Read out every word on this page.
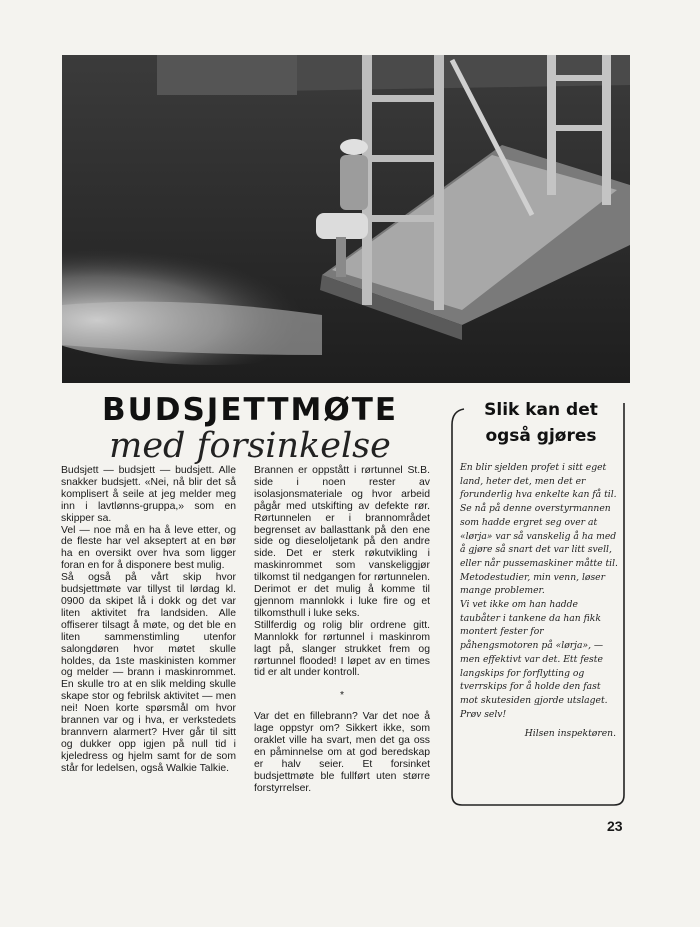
BUDSJETTMØTE
med forsinkelse

Budsjett — budsjett — budsjett. Alle snakker budsjett. «Nei, nå blir det så komplisert å seile at jeg melder meg inn i lavtlønns-gruppa,» som en skipper sa.

Vel — noe må en ha å leve etter, og de fleste har vel akseptert at en bør ha en oversikt over hva som ligger foran en for å disponere best mulig.

Så også på vårt skip hvor budsjettmøte var tillyst til lørdag kl. 0900 da skipet lå i dokk og det var liten aktivitet fra landsiden. Alle offiserer tilsagt å møte, og det ble en liten sammenstimling utenfor salongdøren hvor møtet skulle holdes, da 1ste maskinisten kommer og melder — brann i maskinrommet. En skulle tro at en slik melding skulle skape stor og febrilsk aktivitet — men nei! Noen korte spørsmål om hvor brannen var og i hva, er verkstedets brannvern alarmert? Hver går til sitt og dukker opp igjen på null tid i kjeledress og hjelm samt for de som står for ledelsen, også Walkie Talkie.

Brannen er oppstått i rørtunnel St.B. side i noen rester av isolasjonsmateriale og hvor arbeid pågår med utskifting av defekte rør. Rørtunnelen er i brannområdet begrenset av ballasttank på den ene side og dieseloljetank på den andre side. Det er sterk røkutvikling i maskinrommet som vanskeliggjør tilkomst til nedgangen for rørtunnelen. Derimot er det mulig å komme til gjennom mannlokk i luke fire og et tilkomsthull i luke seks.

Stillferdig og rolig blir ordrene gitt. Mannlokk for rørtunnel i maskinrom lagt på, slanger strukket frem og rørtunnel flooded! I løpet av en times tid er alt under kontroll.

*

Var det en fillebrann? Var det noe å lage oppstyr om? Sikkert ikke, som oraklet ville ha svart, men det ga oss en påminnelse om at god beredskap er halv seier. Et forsinket budsjettmøte ble fullført uten større forstyrrelser.

Slik kan det
også gjøres

En blir sjelden profet i sitt eget land, heter det, men det er forunderlig hva enkelte kan få til.

Se nå på denne overstyrmannen som hadde ergret seg over at «lørja» var så vanskelig å ha med å gjøre så snart det var litt svell, eller når pussemaskiner måtte til. Metodestudier, min venn, løser mange problemer.

Vi vet ikke om han hadde taubåter i tankene da han fikk montert fester for påhengsmotoren på «lørja», — men effektivt var det. Ett feste langskips for forflytting og tverrskips for å holde den fast mot skutesiden gjorde utslaget.

Prøv selv!

Hilsen inspektøren.

23
